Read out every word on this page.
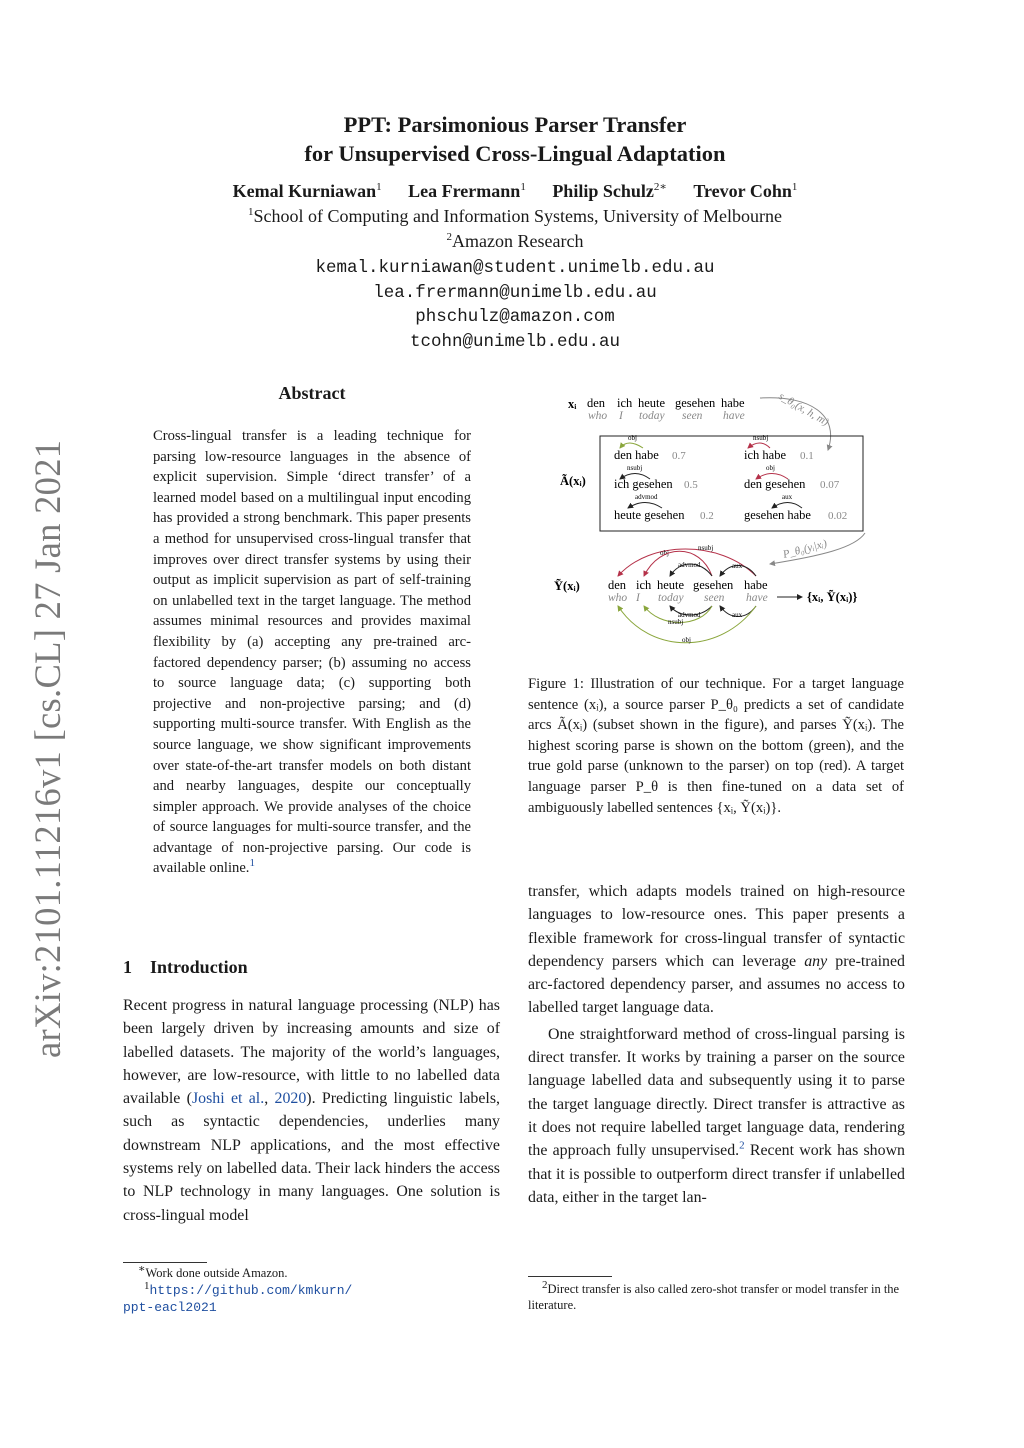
arXiv:2101.11216v1 [cs.CL] 27 Jan 2021
PPT: Parsimonious Parser Transfer
for Unsupervised Cross-Lingual Adaptation
Kemal Kurniawan$^1$ Lea Frermann$^1$ Philip Schulz$^{2∗}$ Trevor Cohn$^1$
$^1$School of Computing and Information Systems, University of Melbourne
$^2$Amazon Research
kemal.kurniawan@student.unimelb.edu.au
lea.frermann@unimelb.edu.au
phschulz@amazon.com
tcohn@unimelb.edu.au
Abstract
Cross-lingual transfer is a leading technique for parsing low-resource languages in the absence of explicit supervision. Simple ‘direct transfer’ of a learned model based on a multilingual input encoding has provided a strong benchmark. This paper presents a method for unsupervised cross-lingual transfer that improves over direct transfer systems by using their output as implicit supervision as part of self-training on unlabelled text in the target language. The method assumes minimal resources and provides maximal flexibility by (a) accepting any pre-trained arc-factored dependency parser; (b) assuming no access to source language data; (c) supporting both projective and non-projective parsing; and (d) supporting multi-source transfer. With English as the source language, we show significant improvements over state-of-the-art transfer models on both distant and nearby languages, despite our conceptually simpler approach. We provide analyses of the choice of source languages for multi-source transfer, and the advantage of non-projective parsing. Our code is available online.$^1$
1 Introduction

Recent progress in natural language processing (NLP) has been largely driven by increasing amounts and size of labelled datasets. The majority of the world’s languages, however, are low-resource, with little to no labelled data available (Joshi et al., 2020). Predicting linguistic labels, such as syntactic dependencies, underlies many downstream NLP applications, and the most effective systems rely on labelled data. Their lack hinders the access to NLP technology in many languages. One solution is cross-lingual model

∗Work done outside Amazon.
$^1$https://github.com/kmkurn/
ppt-eacl2021
xᵢ den ich heute gesehen habe
who I today seen have	s_θ₀(x, h, m)
Ã(xᵢ)
obj
den habe 0.7
nsubj
ich gesehen 0.5
advmod
heute gesehen 0.2
nsubj
ich habe 0.1
obj
den gesehen 0.07
aux
gesehen habe 0.02
P_θ₀(yᵢ|xᵢ)
Ỹ(xᵢ) den ich heute gesehen habe
who I today seen have
obj
nsubj
advmod	aux
advmod
nsubj
aux
obj
{xᵢ, Ỹ(xᵢ)}
Figure 1: Illustration of our technique. For a target language sentence (xᵢ), a source parser P_θ₀ predicts a set of candidate arcs Ã(xᵢ) (subset shown in the figure), and parses Ỹ(xᵢ). The highest scoring parse is shown on the bottom (green), and the true gold parse (unknown to the parser) on top (red). A target language parser P_θ is then fine-tuned on a data set of ambiguously labelled sentences {xᵢ, Ỹ(xᵢ)}.

transfer, which adapts models trained on high-resource languages to low-resource ones. This paper presents a flexible framework for cross-lingual transfer of syntactic dependency parsers which can leverage any pre-trained arc-factored dependency parser, and assumes no access to labelled target language data.

One straightforward method of cross-lingual parsing is direct transfer. It works by training a parser on the source language labelled data and subsequently using it to parse the target language directly. Direct transfer is attractive as it does not require labelled target language data, rendering the approach fully unsupervised.$^2$ Recent work has shown that it is possible to outperform direct transfer if unlabelled data, either in the target lan-

$^2$Direct transfer is also called zero-shot transfer or model transfer in the literature.
